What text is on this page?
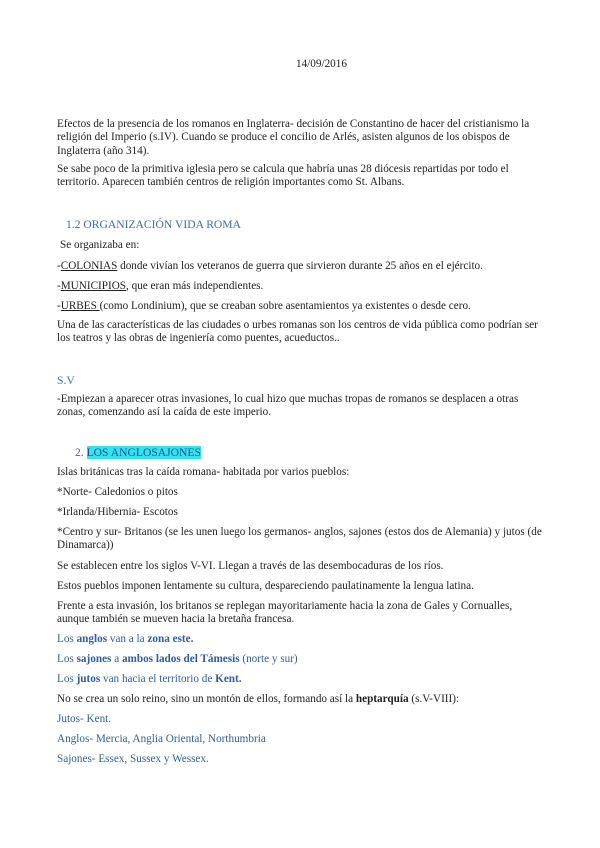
14/09/2016
Efectos de la presencia de los romanos en Inglaterra- decisión de Constantino de hacer del cristianismo la religión del Imperio (s.IV). Cuando se produce el concilio de Arlés, asisten algunos de los obispos de Inglaterra (año 314).
Se sabe poco de la primitiva iglesia pero se calcula que habría unas 28 diócesis repartidas por todo el territorio. Aparecen también centros de religión importantes como St. Albans.
1.2 ORGANIZACIÓN VIDA ROMA
Se organizaba en:
-COLONIAS donde vivían los veteranos de guerra que sirvieron durante 25 años en el ejército.
-MUNICIPIOS, que eran más independientes.
-URBES (como Londinium), que se creaban sobre asentamientos ya existentes o desde cero.
Una de las características de las ciudades o urbes romanas son los centros de vida pública como podrían ser los teatros y las obras de ingeniería como puentes, acueductos..
S.V
-Empiezan a aparecer otras invasiones, lo cual hizo que muchas tropas de romanos se desplacen a otras zonas, comenzando así la caída de este imperio.
2. LOS ANGLOSAJONES
Islas británicas tras la caída romana- habitada por varios pueblos:
*Norte- Caledonios o pitos
*Irlanda/Hibernia- Escotos
*Centro y sur- Britanos (se les unen luego los germanos- anglos, sajones (estos dos de Alemania) y jutos (de Dinamarca))
Se establecen entre los siglos V-VI. Llegan a través de las desembocaduras de los ríos.
Estos pueblos imponen lentamente su cultura, despareciendo paulatinamente la lengua latina.
Frente a esta invasión, los britanos se replegan mayoritariamente hacia la zona de Gales y Cornualles, aunque también se mueven hacia la bretaña francesa.
Los anglos van a la zona este.
Los sajones a ambos lados del Támesis (norte y sur)
Los jutos van hacia el territorio de Kent.
No se crea un solo reino, sino un montón de ellos, formando así la heptarquía (s.V-VIII):
Jutos- Kent.
Anglos- Mercia, Anglia Oriental, Northumbria
Sajones- Essex, Sussex y Wessex.
